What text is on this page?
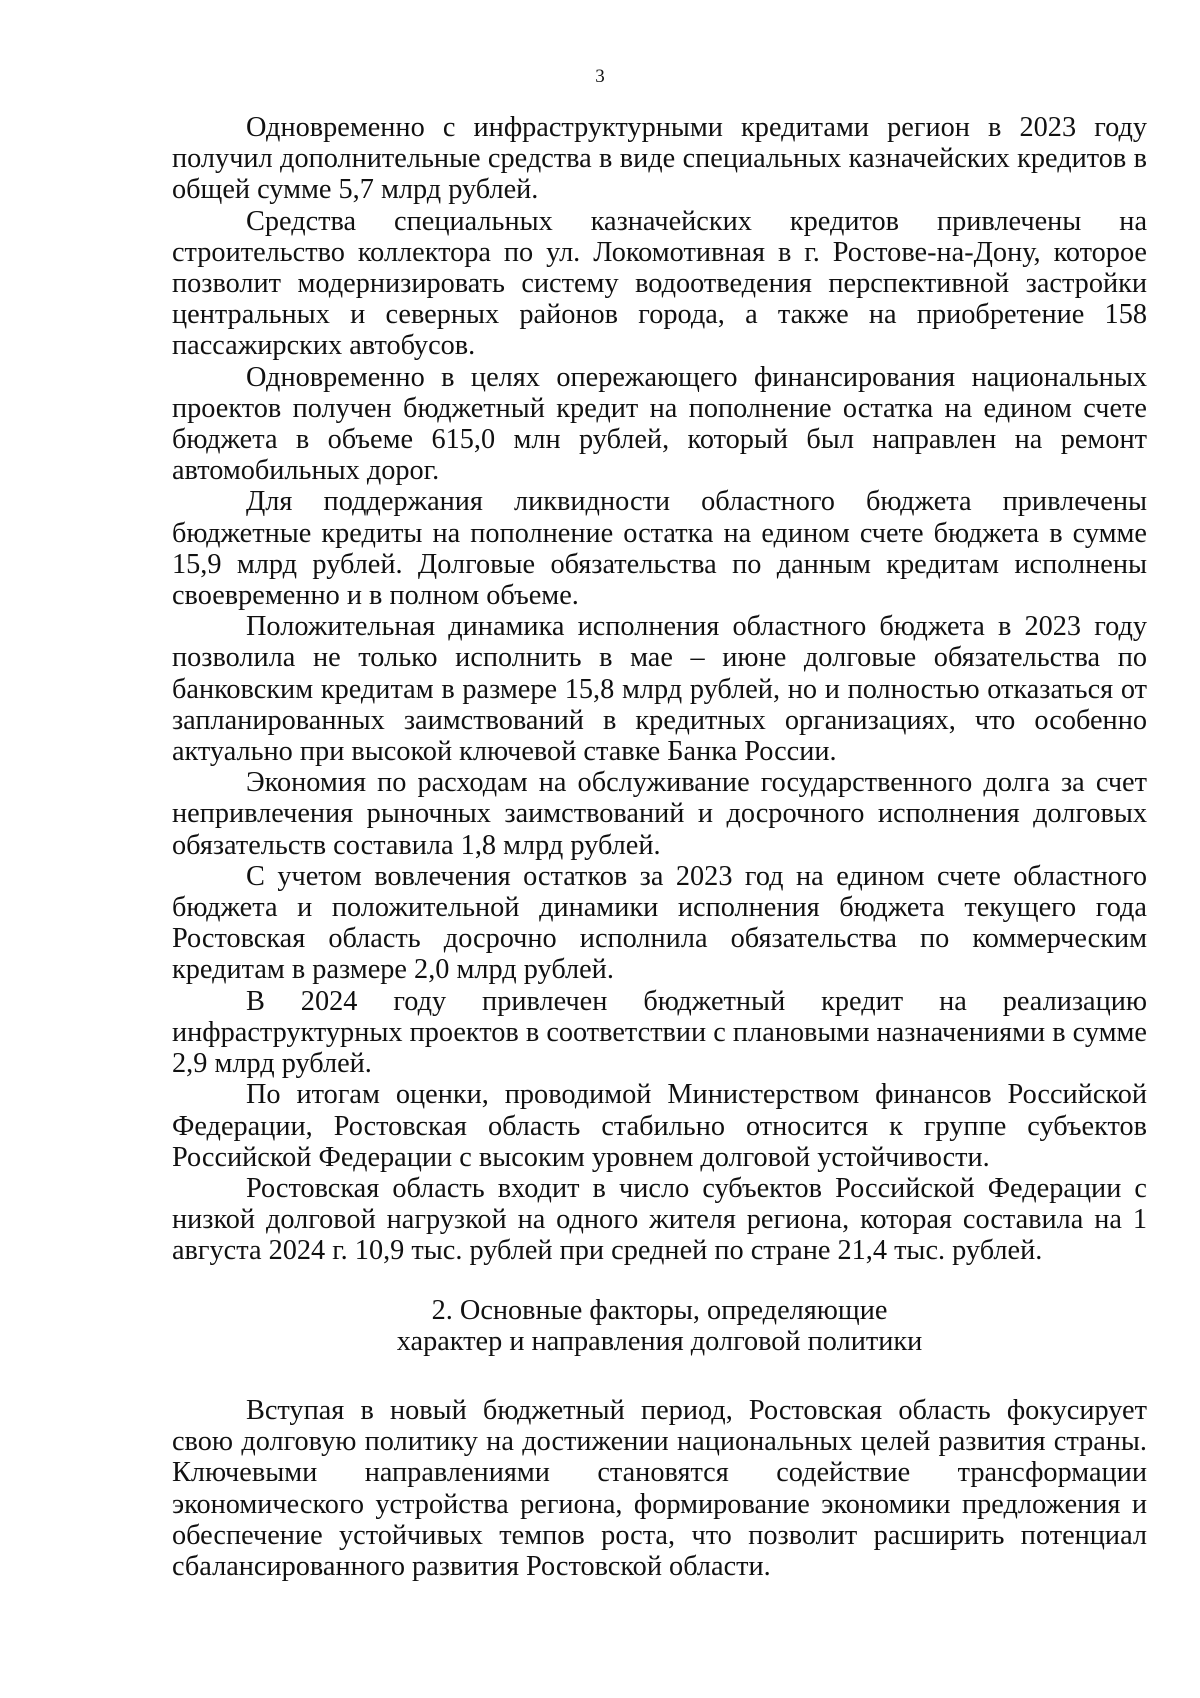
3

Одновременно с инфраструктурными кредитами регион в 2023 году получил дополнительные средства в виде специальных казначейских кредитов в общей сумме 5,7 млрд рублей.

Средства специальных казначейских кредитов привлечены на строительство коллектора по ул. Локомотивная в г. Ростове-на-Дону, которое позволит модернизировать систему водоотведения перспективной застройки центральных и северных районов города, а также на приобретение 158 пассажирских автобусов.

Одновременно в целях опережающего финансирования национальных проектов получен бюджетный кредит на пополнение остатка на едином счете бюджета в объеме 615,0 млн рублей, который был направлен на ремонт автомобильных дорог.

Для поддержания ликвидности областного бюджета привлечены бюджетные кредиты на пополнение остатка на едином счете бюджета в сумме 15,9 млрд рублей. Долговые обязательства по данным кредитам исполнены своевременно и в полном объеме.

Положительная динамика исполнения областного бюджета в 2023 году позволила не только исполнить в мае – июне долговые обязательства по банковским кредитам в размере 15,8 млрд рублей, но и полностью отказаться от запланированных заимствований в кредитных организациях, что особенно актуально при высокой ключевой ставке Банка России.

Экономия по расходам на обслуживание государственного долга за счет непривлечения рыночных заимствований и досрочного исполнения долговых обязательств составила 1,8 млрд рублей.

С учетом вовлечения остатков за 2023 год на едином счете областного бюджета и положительной динамики исполнения бюджета текущего года Ростовская область досрочно исполнила обязательства по коммерческим кредитам в размере 2,0 млрд рублей.

В 2024 году привлечен бюджетный кредит на реализацию инфраструктурных проектов в соответствии с плановыми назначениями в сумме 2,9 млрд рублей.

По итогам оценки, проводимой Министерством финансов Российской Федерации, Ростовская область стабильно относится к группе субъектов Российской Федерации с высоким уровнем долговой устойчивости.

Ростовская область входит в число субъектов Российской Федерации с низкой долговой нагрузкой на одного жителя региона, которая составила на 1 августа 2024 г. 10,9 тыс. рублей при средней по стране 21,4 тыс. рублей.

2. Основные факторы, определяющие
характер и направления долговой политики

Вступая в новый бюджетный период, Ростовская область фокусирует свою долговую политику на достижении национальных целей развития страны. Ключевыми направлениями становятся содействие трансформации экономического устройства региона, формирование экономики предложения и обеспечение устойчивых темпов роста, что позволит расширить потенциал сбалансированного развития Ростовской области.
